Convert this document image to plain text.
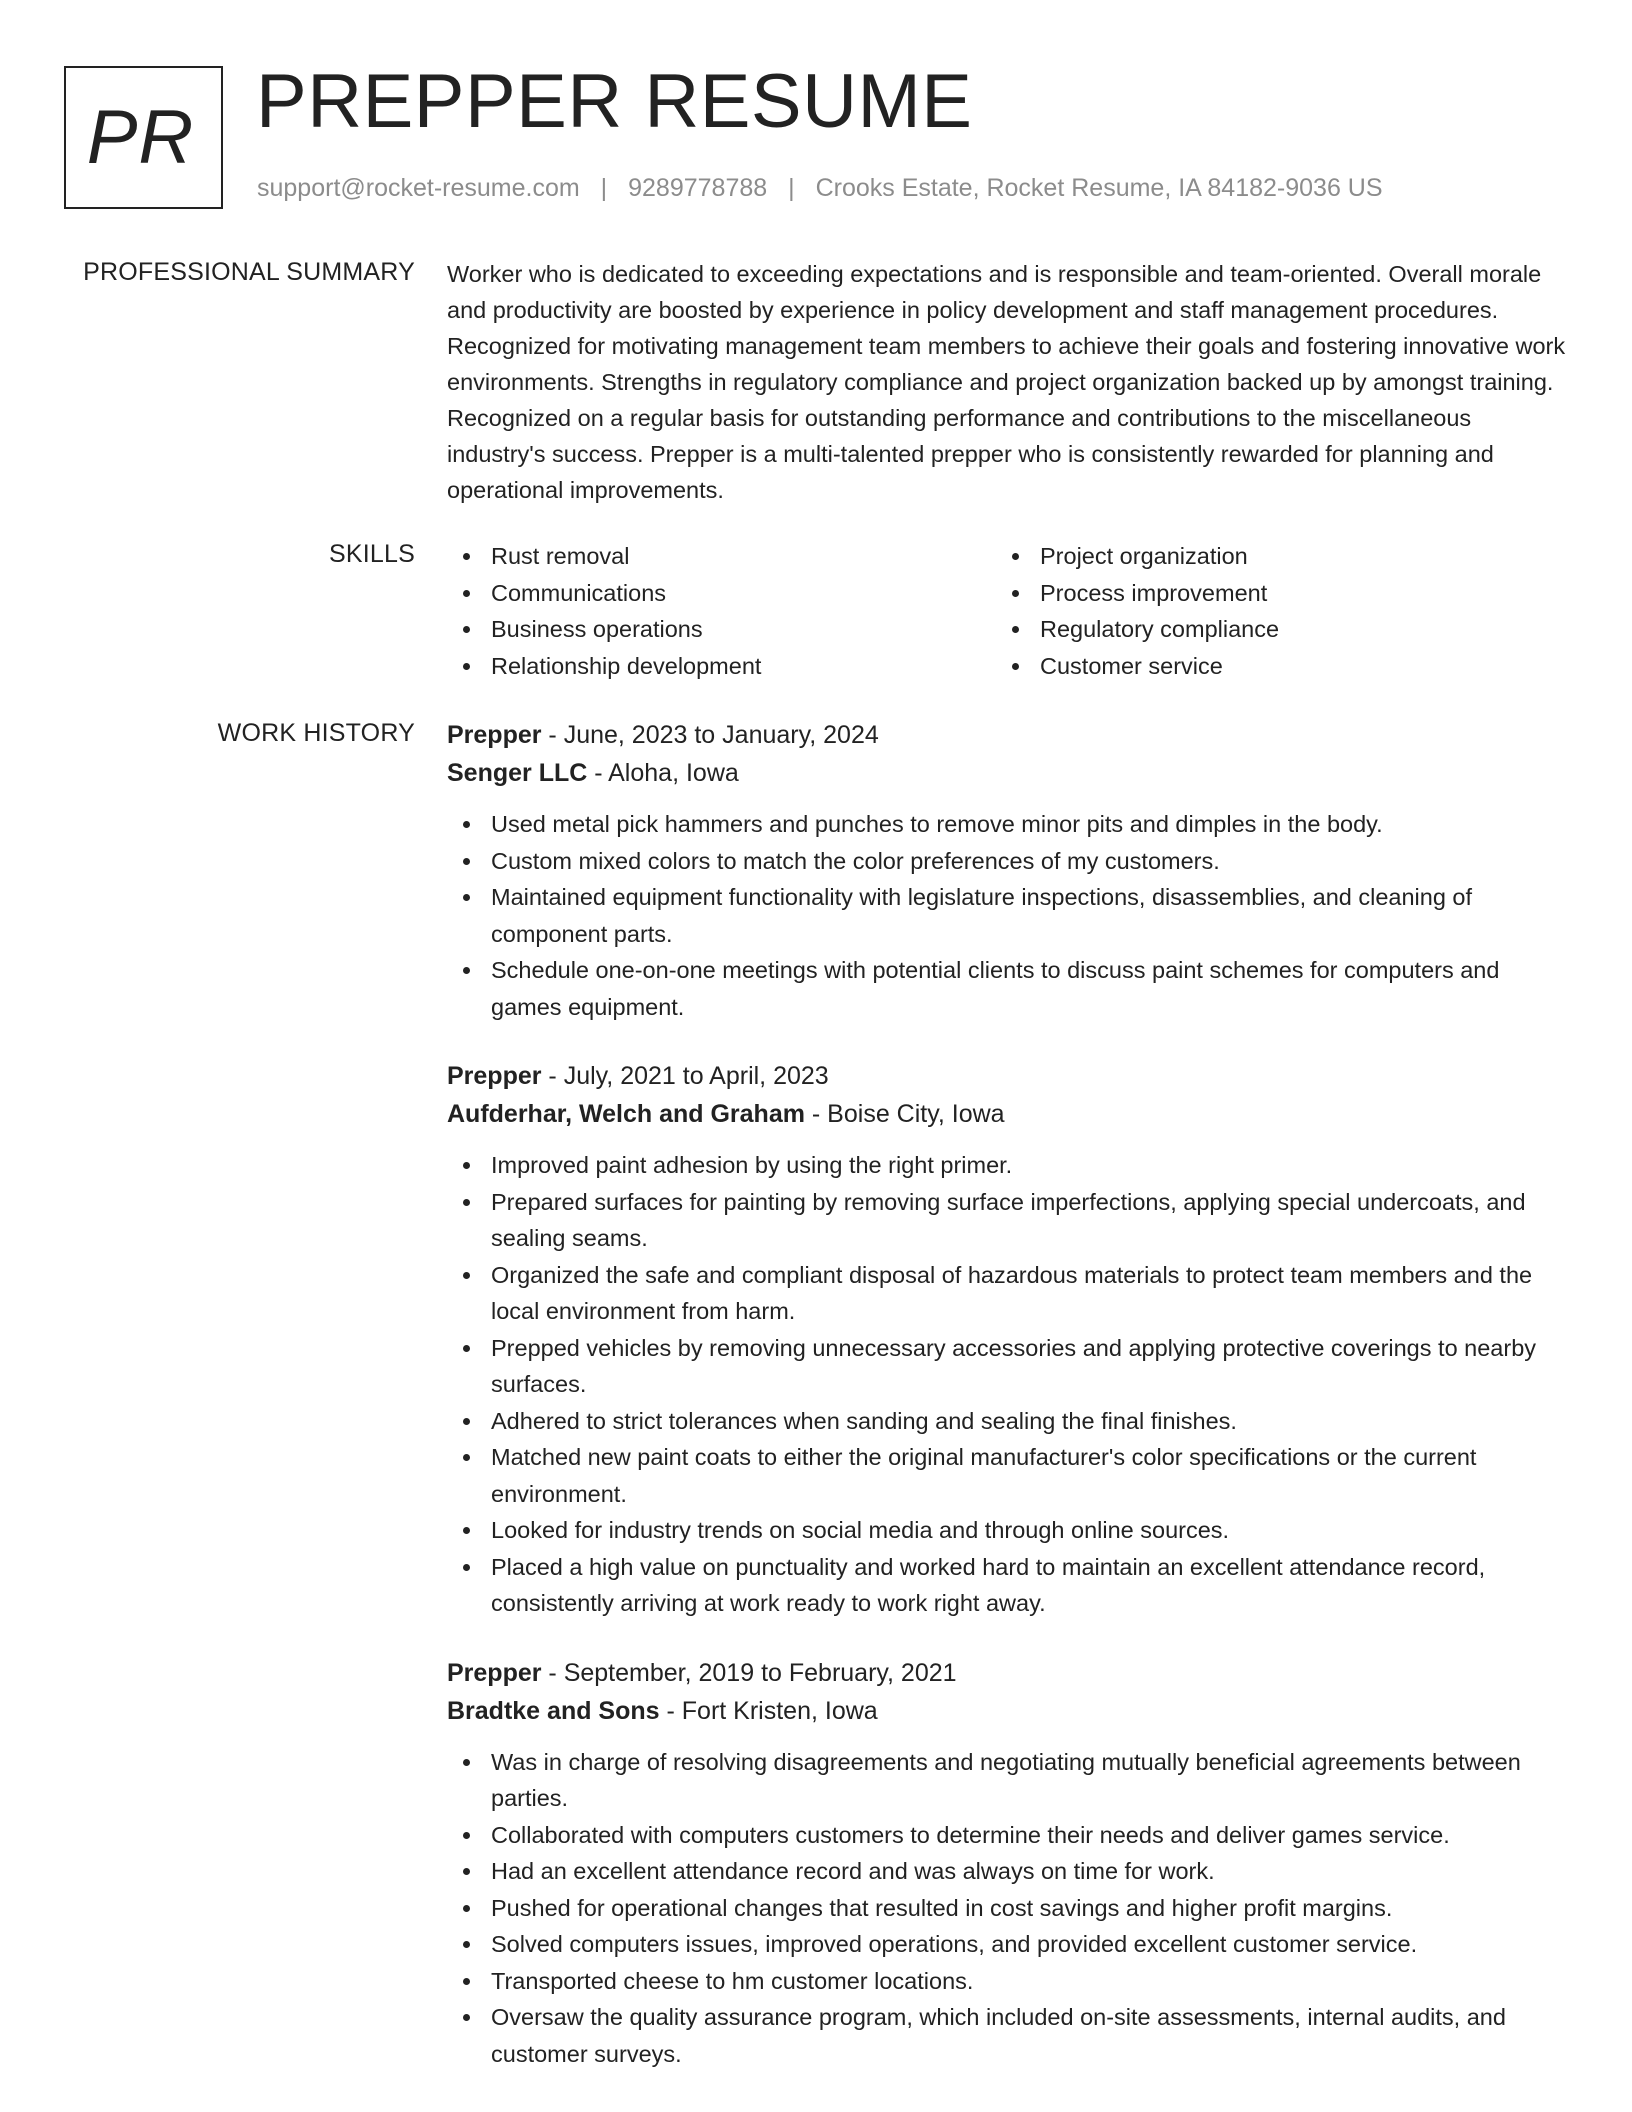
PR PREPPER RESUME
support@rocket-resume.com | 9289778788 | Crooks Estate, Rocket Resume, IA 84182-9036 US
PROFESSIONAL SUMMARY Worker who is dedicated to exceeding expectations and is responsible and team-oriented. Overall morale and productivity are boosted by experience in policy development and staff management procedures. Recognized for motivating management team members to achieve their goals and fostering innovative work environments. Strengths in regulatory compliance and project organization backed up by amongst training. Recognized on a regular basis for outstanding performance and contributions to the miscellaneous industry's success. Prepper is a multi-talented prepper who is consistently rewarded for planning and operational improvements.
SKILLS	Rust removal
Communications
Business operations
Relationship development
Project organization
Process improvement
Regulatory compliance
Customer service
WORK HISTORY Prepper - June, 2023 to January, 2024
Senger LLC - Aloha, Iowa
Used metal pick hammers and punches to remove minor pits and dimples in the body.
Custom mixed colors to match the color preferences of my customers.
Maintained equipment functionality with legislature inspections, disassemblies, and cleaning of component parts.
Schedule one-on-one meetings with potential clients to discuss paint schemes for computers and games equipment.
Prepper - July, 2021 to April, 2023
Aufderhar, Welch and Graham - Boise City, Iowa
Improved paint adhesion by using the right primer.
Prepared surfaces for painting by removing surface imperfections, applying special undercoats, and sealing seams.
Organized the safe and compliant disposal of hazardous materials to protect team members and the local environment from harm.
Prepped vehicles by removing unnecessary accessories and applying protective coverings to nearby surfaces.
Adhered to strict tolerances when sanding and sealing the final finishes.
Matched new paint coats to either the original manufacturer's color specifications or the current environment.
Looked for industry trends on social media and through online sources.
Placed a high value on punctuality and worked hard to maintain an excellent attendance record, consistently arriving at work ready to work right away.
Prepper - September, 2019 to February, 2021
Bradtke and Sons - Fort Kristen, Iowa
Was in charge of resolving disagreements and negotiating mutually beneficial agreements between parties.
Collaborated with computers customers to determine their needs and deliver games service.
Had an excellent attendance record and was always on time for work.
Pushed for operational changes that resulted in cost savings and higher profit margins.
Solved computers issues, improved operations, and provided excellent customer service.
Transported cheese to hm customer locations.
Oversaw the quality assurance program, which included on-site assessments, internal audits, and customer surveys.
